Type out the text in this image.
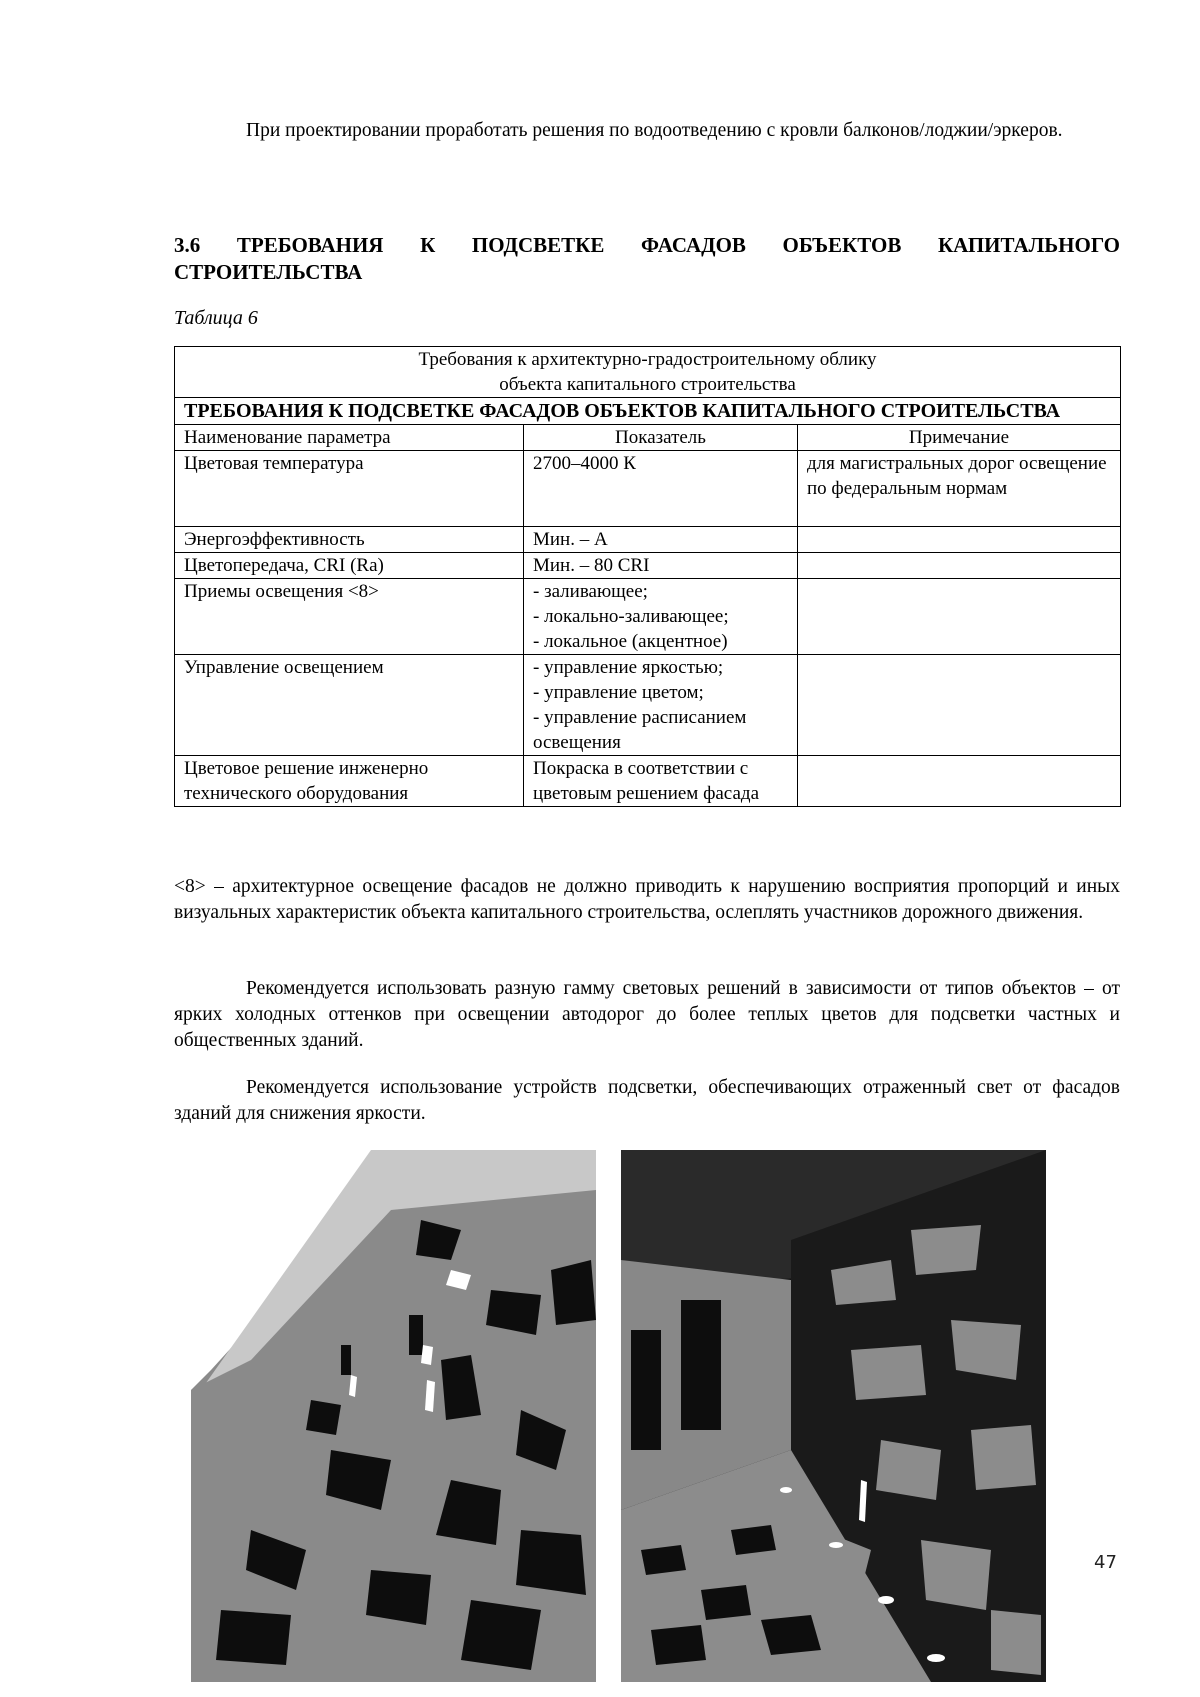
При проектировании проработать решения по водоотведению с кровли балконов/лоджии/эркеров.
3.6 ТРЕБОВАНИЯ К ПОДСВЕТКЕ ФАСАДОВ ОБЪЕКТОВ КАПИТАЛЬНОГО СТРОИТЕЛЬСТВА
Таблица 6
Требования к архитектурно-градостроительному облику
объекта капитального строительства		

ТРЕБОВАНИЯ К ПОДСВЕТКЕ ФАСАДОВ ОБЪЕКТОВ КАПИТАЛЬНОГО СТРОИТЕЛЬСТВА		
Наименование параметра	Показатель	Примечание
Цветовая температура	2700–4000 К	для магистральных дорог освещение по федеральным нормам
Энергоэффективность	Мин. – А	
Цветопередача, CRI (Ra)	Мин. – 80 CRI	
Приемы освещения <8>	- заливающее;
- локально-заливающее;
- локальное (акцентное)	

Управление освещением	- управление яркостью;
- управление цветом;
- управление расписанием освещения	

Цветовое решение инженерно технического оборудования	Покраска в соответствии с цветовым решением фасада	
<8> – архитектурное освещение фасадов не должно приводить к нарушению восприятия пропорций и иных визуальных характеристик объекта капитального строительства, ослеплять участников дорожного движения.
Рекомендуется использовать разную гамму световых решений в зависимости от типов объектов – от ярких холодных оттенков при освещении автодорог до более теплых цветов для подсветки частных и общественных зданий.
Рекомендуется использование устройств подсветки, обеспечивающих отраженный свет от фасадов зданий для снижения яркости.
47
